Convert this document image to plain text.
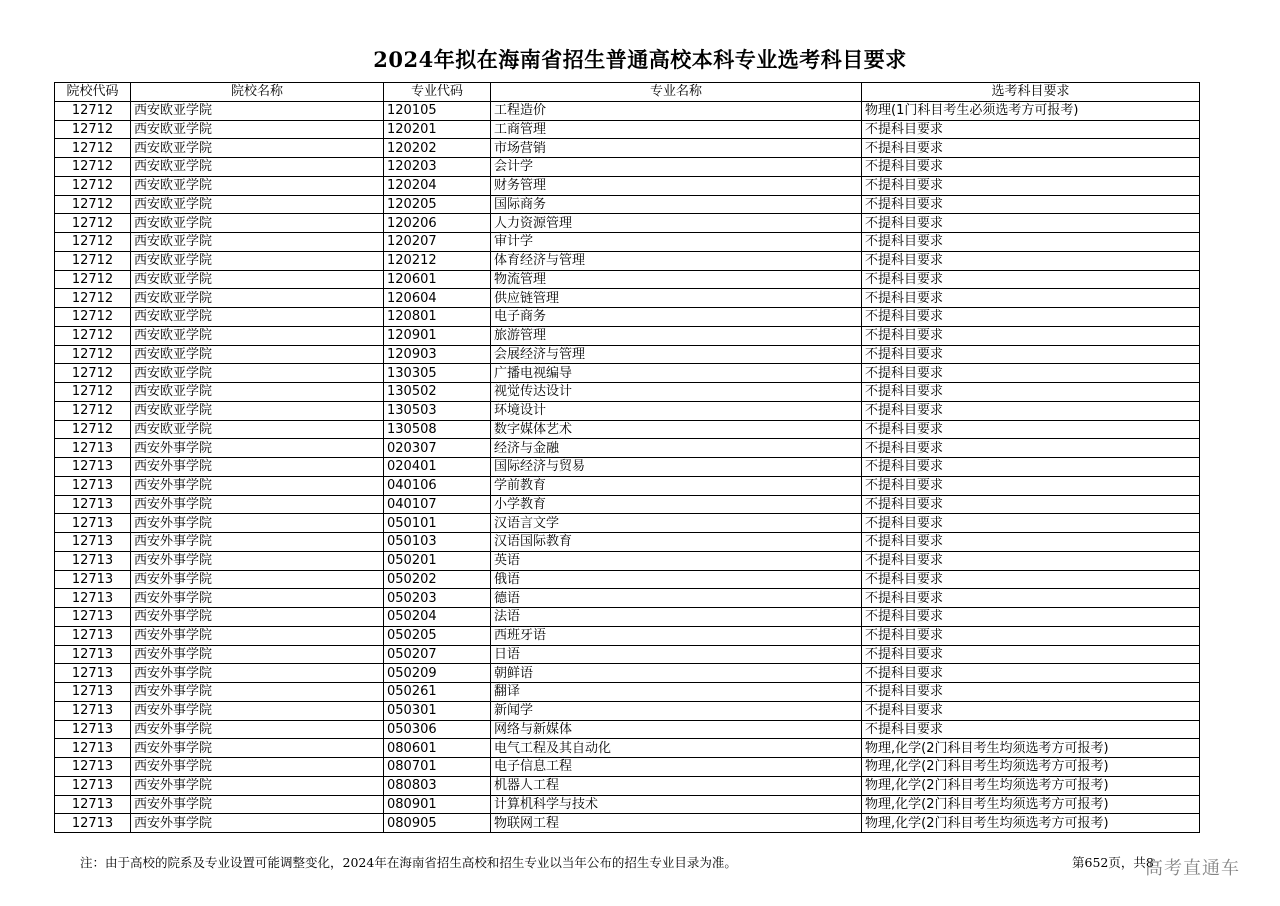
2024年拟在海南省招生普通高校本科专业选考科目要求
院校代码	院校名称	专业代码	专业名称	选考科目要求
12712	西安欧亚学院	120105	工程造价	物理(1门科目考生必须选考方可报考)
12712	西安欧亚学院	120201	工商管理	不提科目要求
12712	西安欧亚学院	120202	市场营销	不提科目要求
12712	西安欧亚学院	120203	会计学	不提科目要求
12712	西安欧亚学院	120204	财务管理	不提科目要求
12712	西安欧亚学院	120205	国际商务	不提科目要求
12712	西安欧亚学院	120206	人力资源管理	不提科目要求
12712	西安欧亚学院	120207	审计学	不提科目要求
12712	西安欧亚学院	120212	体育经济与管理	不提科目要求
12712	西安欧亚学院	120601	物流管理	不提科目要求
12712	西安欧亚学院	120604	供应链管理	不提科目要求
12712	西安欧亚学院	120801	电子商务	不提科目要求
12712	西安欧亚学院	120901	旅游管理	不提科目要求
12712	西安欧亚学院	120903	会展经济与管理	不提科目要求
12712	西安欧亚学院	130305	广播电视编导	不提科目要求
12712	西安欧亚学院	130502	视觉传达设计	不提科目要求
12712	西安欧亚学院	130503	环境设计	不提科目要求
12712	西安欧亚学院	130508	数字媒体艺术	不提科目要求
12713	西安外事学院	020307	经济与金融	不提科目要求
12713	西安外事学院	020401	国际经济与贸易	不提科目要求
12713	西安外事学院	040106	学前教育	不提科目要求
12713	西安外事学院	040107	小学教育	不提科目要求
12713	西安外事学院	050101	汉语言文学	不提科目要求
12713	西安外事学院	050103	汉语国际教育	不提科目要求
12713	西安外事学院	050201	英语	不提科目要求
12713	西安外事学院	050202	俄语	不提科目要求
12713	西安外事学院	050203	德语	不提科目要求
12713	西安外事学院	050204	法语	不提科目要求
12713	西安外事学院	050205	西班牙语	不提科目要求
12713	西安外事学院	050207	日语	不提科目要求
12713	西安外事学院	050209	朝鲜语	不提科目要求
12713	西安外事学院	050261	翻译	不提科目要求
12713	西安外事学院	050301	新闻学	不提科目要求
12713	西安外事学院	050306	网络与新媒体	不提科目要求
12713	西安外事学院	080601	电气工程及其自动化	物理,化学(2门科目考生均须选考方可报考)
12713	西安外事学院	080701	电子信息工程	物理,化学(2门科目考生均须选考方可报考)
12713	西安外事学院	080803	机器人工程	物理,化学(2门科目考生均须选考方可报考)
12713	西安外事学院	080901	计算机科学与技术	物理,化学(2门科目考生均须选考方可报考)
12713	西安外事学院	080905	物联网工程	物理,化学(2门科目考生均须选考方可报考)
注：由于高校的院系及专业设置可能调整变化，2024年在海南省招生高校和招生专业以当年公布的招生专业目录为准。	第652页，共8
高考直通车
